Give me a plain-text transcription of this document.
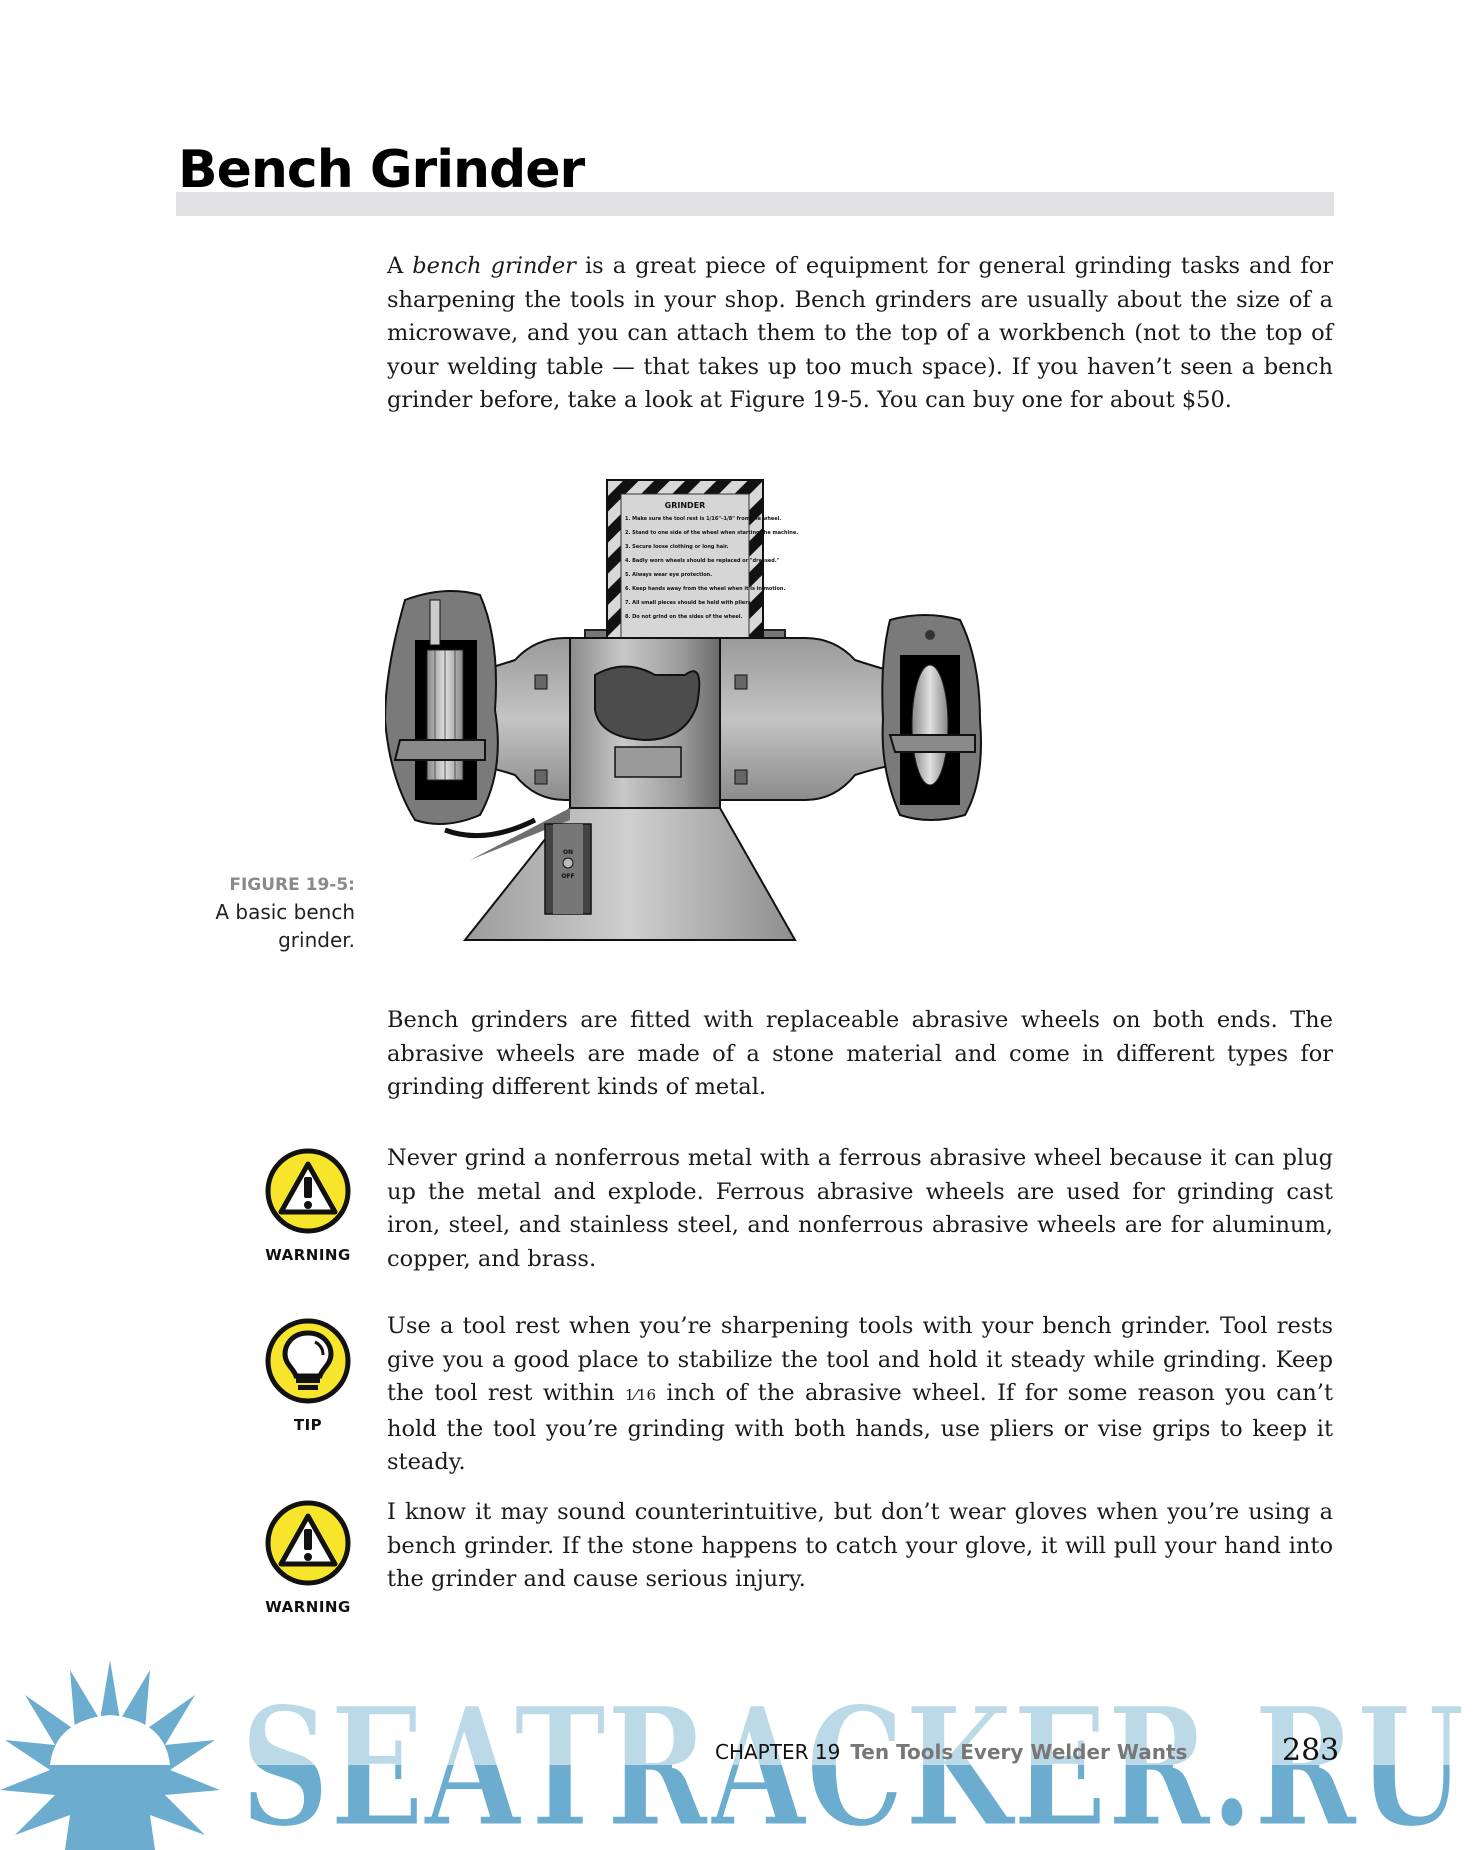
Bench Grinder

A bench grinder is a great piece of equipment for general grinding tasks and for sharpening the tools in your shop. Bench grinders are usually about the size of a microwave, and you can attach them to the top of a workbench (not to the top of your welding table — that takes up too much space). If you haven’t seen a bench grinder before, take a look at Figure 19-5. You can buy one for about $50.

GRINDER
1. Make sure the tool rest is 1/16"–1/8" from the wheel.
2. Stand to one side of the wheel when starting the machine.
3. Secure loose clothing or long hair.
4. Badly worn wheels should be replaced or "dressed."
5. Always wear eye protection.
6. Keep hands away from the wheel when it is in motion.
7. All small pieces should be held with pliers.
8. Do not grind on the sides of the wheel.
ON
OFF
FIGURE 19-5:
A basic bench grinder.

Bench grinders are fitted with replaceable abrasive wheels on both ends. The abrasive wheels are made of a stone material and come in different types for grinding different kinds of metal.

WARNING

Never grind a nonferrous metal with a ferrous abrasive wheel because it can plug up the metal and explode. Ferrous abrasive wheels are used for grinding cast iron, steel, and stainless steel, and nonferrous abrasive wheels are for aluminum, copper, and brass.

TIP

Use a tool rest when you’re sharpening tools with your bench grinder. Tool rests give you a good place to stabilize the tool and hold it steady while grinding. Keep the tool rest within 1⁄16 inch of the abrasive wheel. If for some reason you can’t hold the tool you’re grinding with both hands, use pliers or vise grips to keep it steady.

WARNING

I know it may sound counterintuitive, but don’t wear gloves when you’re using a bench grinder. If the stone happens to catch your glove, it will pull your hand into the grinder and cause serious injury.

CHAPTER 19 Ten Tools Every Welder Wants	283
